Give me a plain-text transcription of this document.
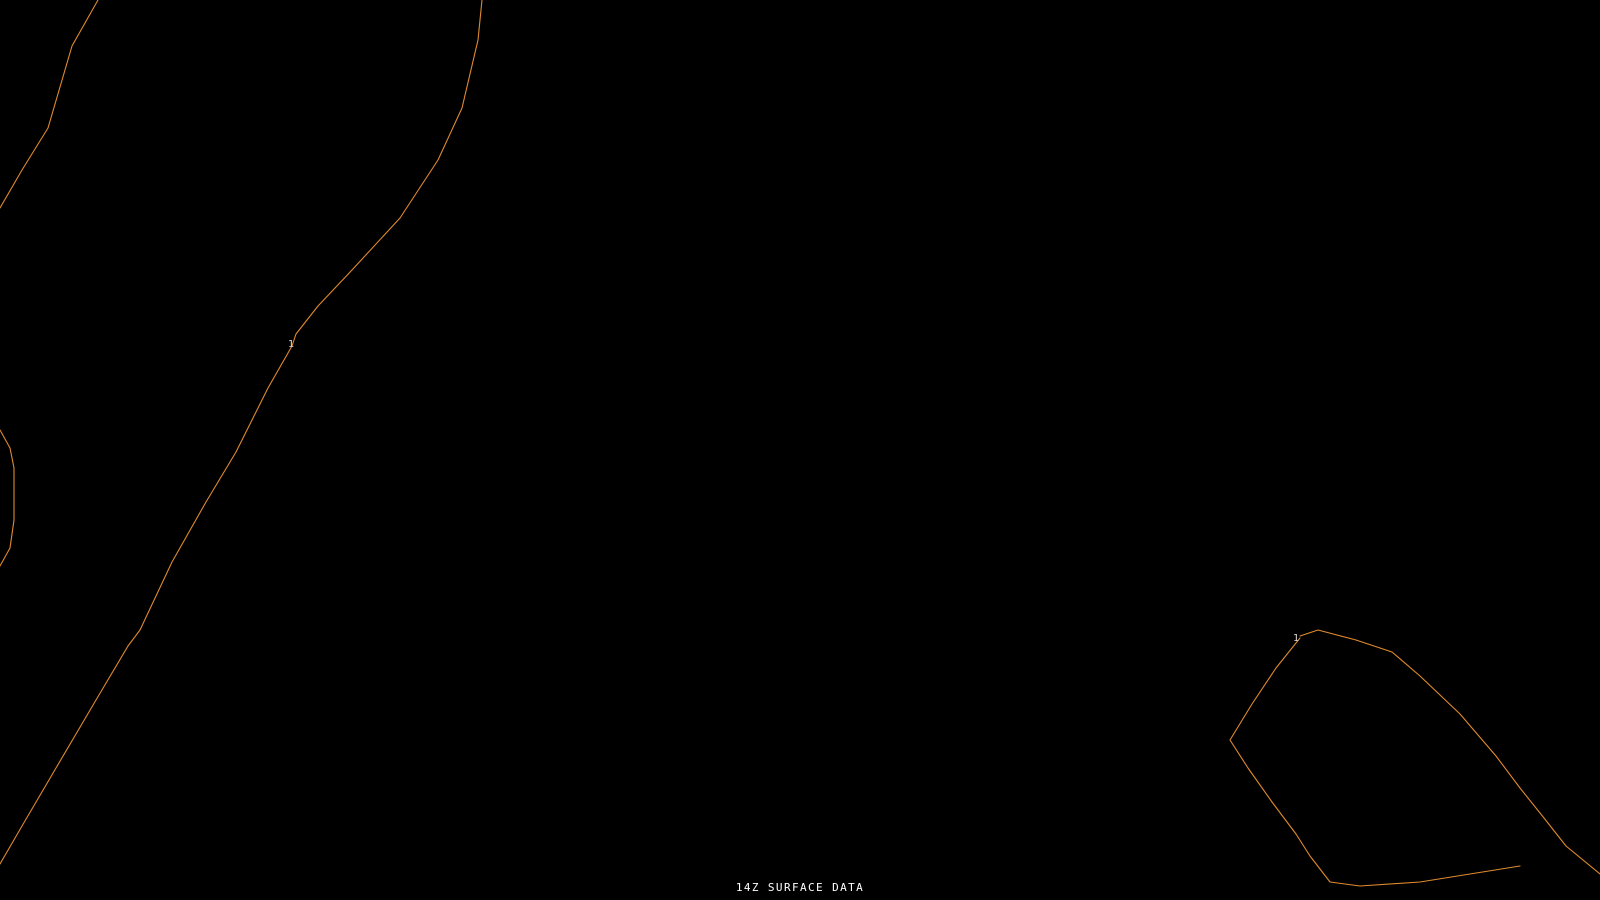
1
1
14Z SURFACE DATA
